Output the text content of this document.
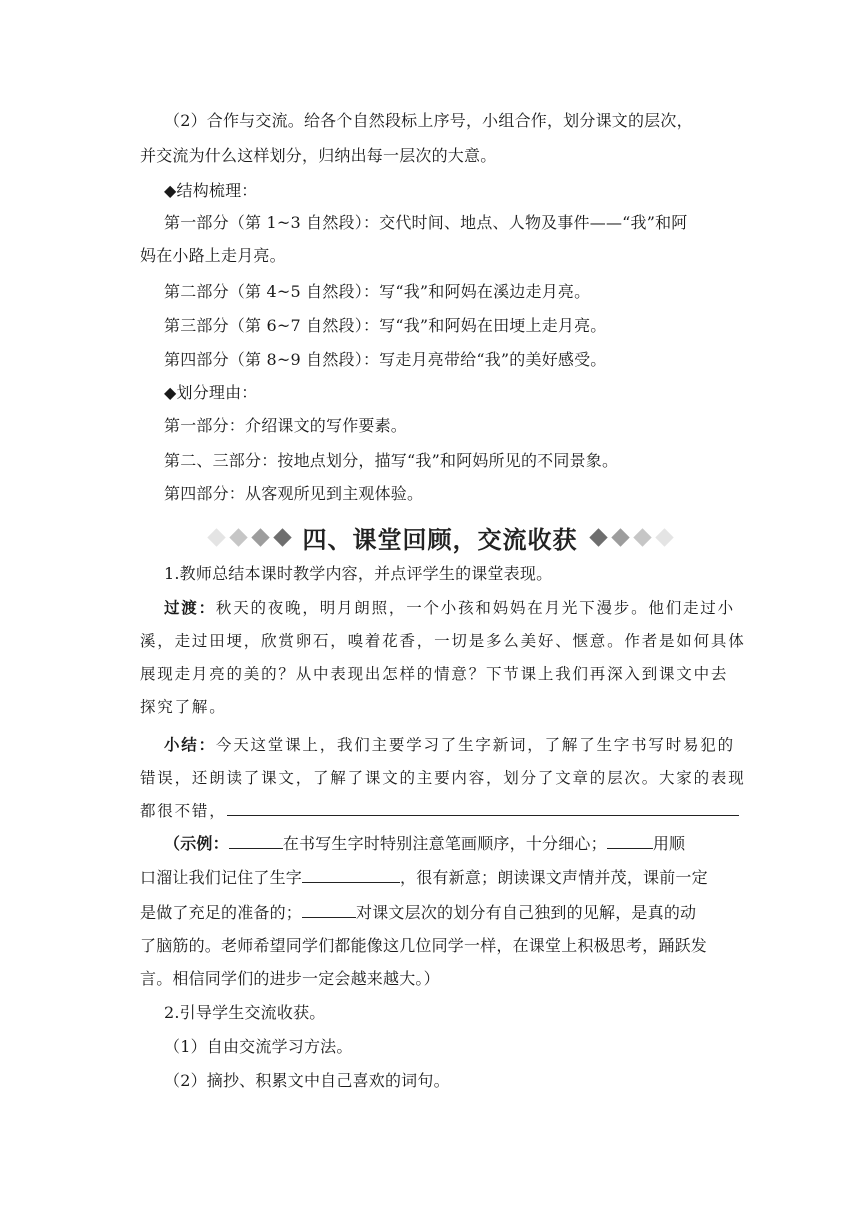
（2）合作与交流。给各个自然段标上序号，小组合作，划分课文的层次，
并交流为什么这样划分，归纳出每一层次的大意。
◆结构梳理：
第一部分（第 1~3 自然段）：交代时间、地点、人物及事件——“我”和阿
妈在小路上走月亮。
第二部分（第 4~5 自然段）：写“我”和阿妈在溪边走月亮。
第三部分（第 6~7 自然段）：写“我”和阿妈在田埂上走月亮。
第四部分（第 8~9 自然段）：写走月亮带给“我”的美好感受。
◆划分理由：
第一部分：介绍课文的写作要素。
第二、三部分：按地点划分，描写“我”和阿妈所见的不同景象。
第四部分：从客观所见到主观体验。
四、课堂回顾，交流收获
1.教师总结本课时教学内容，并点评学生的课堂表现。
过渡：秋天的夜晚，明月朗照，一个小孩和妈妈在月光下漫步。他们走过小
溪，走过田埂，欣赏卵石，嗅着花香，一切是多么美好、惬意。作者是如何具体
展现走月亮的美的？从中表现出怎样的情意？下节课上我们再深入到课文中去
探究了解。
小结：今天这堂课上，我们主要学习了生字新词，了解了生字书写时易犯的
错误，还朗读了课文，了解了课文的主要内容，划分了文章的层次。大家的表现
都很不错，
（示例：	在书写生字时特别注意笔画顺序，十分细心；	用顺
口溜让我们记住了生字	，很有新意；朗读课文声情并茂，课前一定
是做了充足的准备的；	对课文层次的划分有自己独到的见解，是真的动
了脑筋的。老师希望同学们都能像这几位同学一样，在课堂上积极思考，踊跃发
言。相信同学们的进步一定会越来越大。）
2.引导学生交流收获。
（1）自由交流学习方法。
（2）摘抄、积累文中自己喜欢的词句。
